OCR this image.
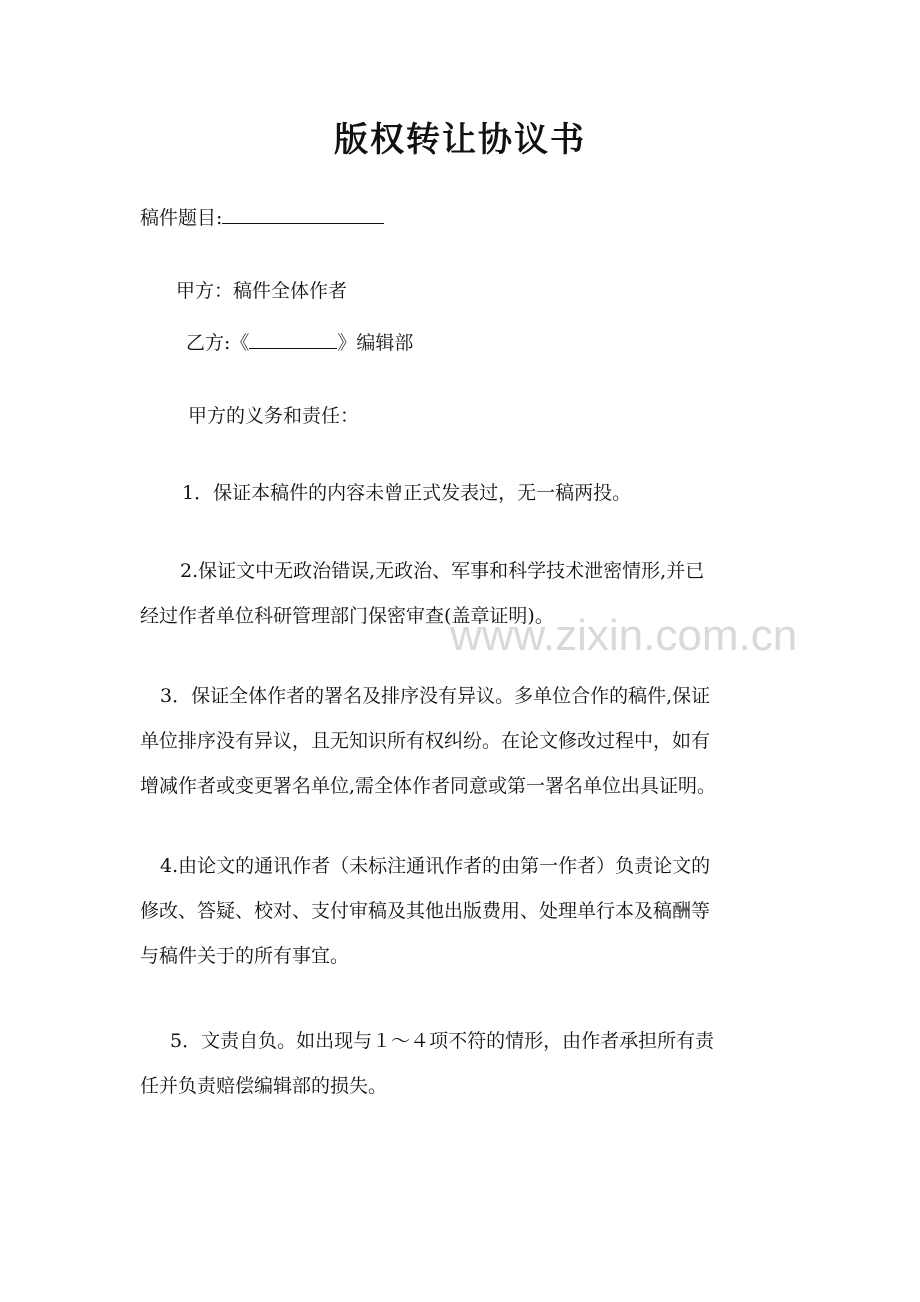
版权转让协议书
稿件题目:
甲方：稿件全体作者
乙方:《	》编辑部
甲方的义务和责任：
1．保证本稿件的内容未曾正式发表过，无一稿两投。
2.保证文中无政治错误,无政治、军事和科学技术泄密情形,并已
经过作者单位科研管理部门保密审查(盖章证明)。
3．保证全体作者的署名及排序没有异议。多单位合作的稿件,保证
单位排序没有异议，且无知识所有权纠纷。在论文修改过程中，如有
增减作者或变更署名单位,需全体作者同意或第一署名单位出具证明。
4.由论文的通讯作者（未标注通讯作者的由第一作者）负责论文的
修改、答疑、校对、支付审稿及其他出版费用、处理单行本及稿酬等
与稿件关于的所有事宜。
5．文责自负。如出现与１～４项不符的情形，由作者承担所有责
任并负责赔偿编辑部的损失。
www.zixin.com.cn
